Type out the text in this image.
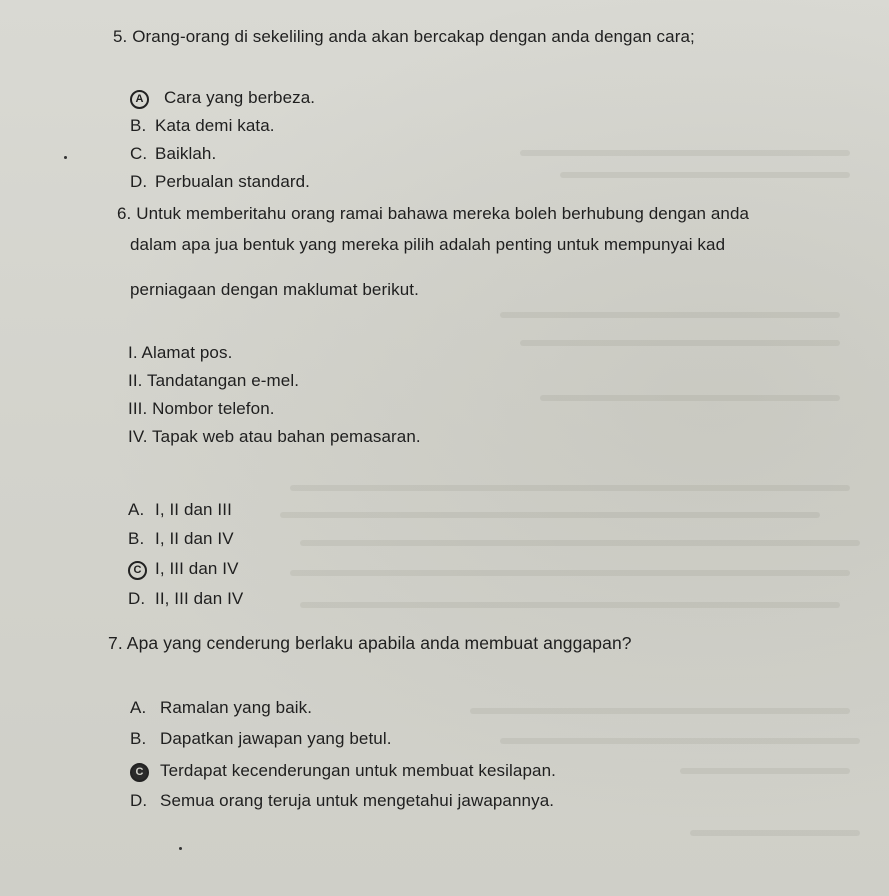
5. Orang-orang di sekeliling anda akan bercakap dengan anda dengan cara;
A	Cara yang berbeza.
B. Kata demi kata.
C. Baiklah.
D. Perbualan standard.
6. Untuk memberitahu orang ramai bahawa mereka boleh berhubung dengan anda
dalam apa jua bentuk yang mereka pilih adalah penting untuk mempunyai kad
perniagaan dengan maklumat berikut.
I. Alamat pos.
II. Tandatangan e-mel.
III. Nombor telefon.
IV. Tapak web atau bahan pemasaran.
A. I, II dan III
B. I, II dan IV
C I, III dan IV
D. II, III dan IV
7. Apa yang cenderung berlaku apabila anda membuat anggapan?
A. Ramalan yang baik.
B. Dapatkan jawapan yang betul.
C Terdapat kecenderungan untuk membuat kesilapan.
D. Semua orang teruja untuk mengetahui jawapannya.
